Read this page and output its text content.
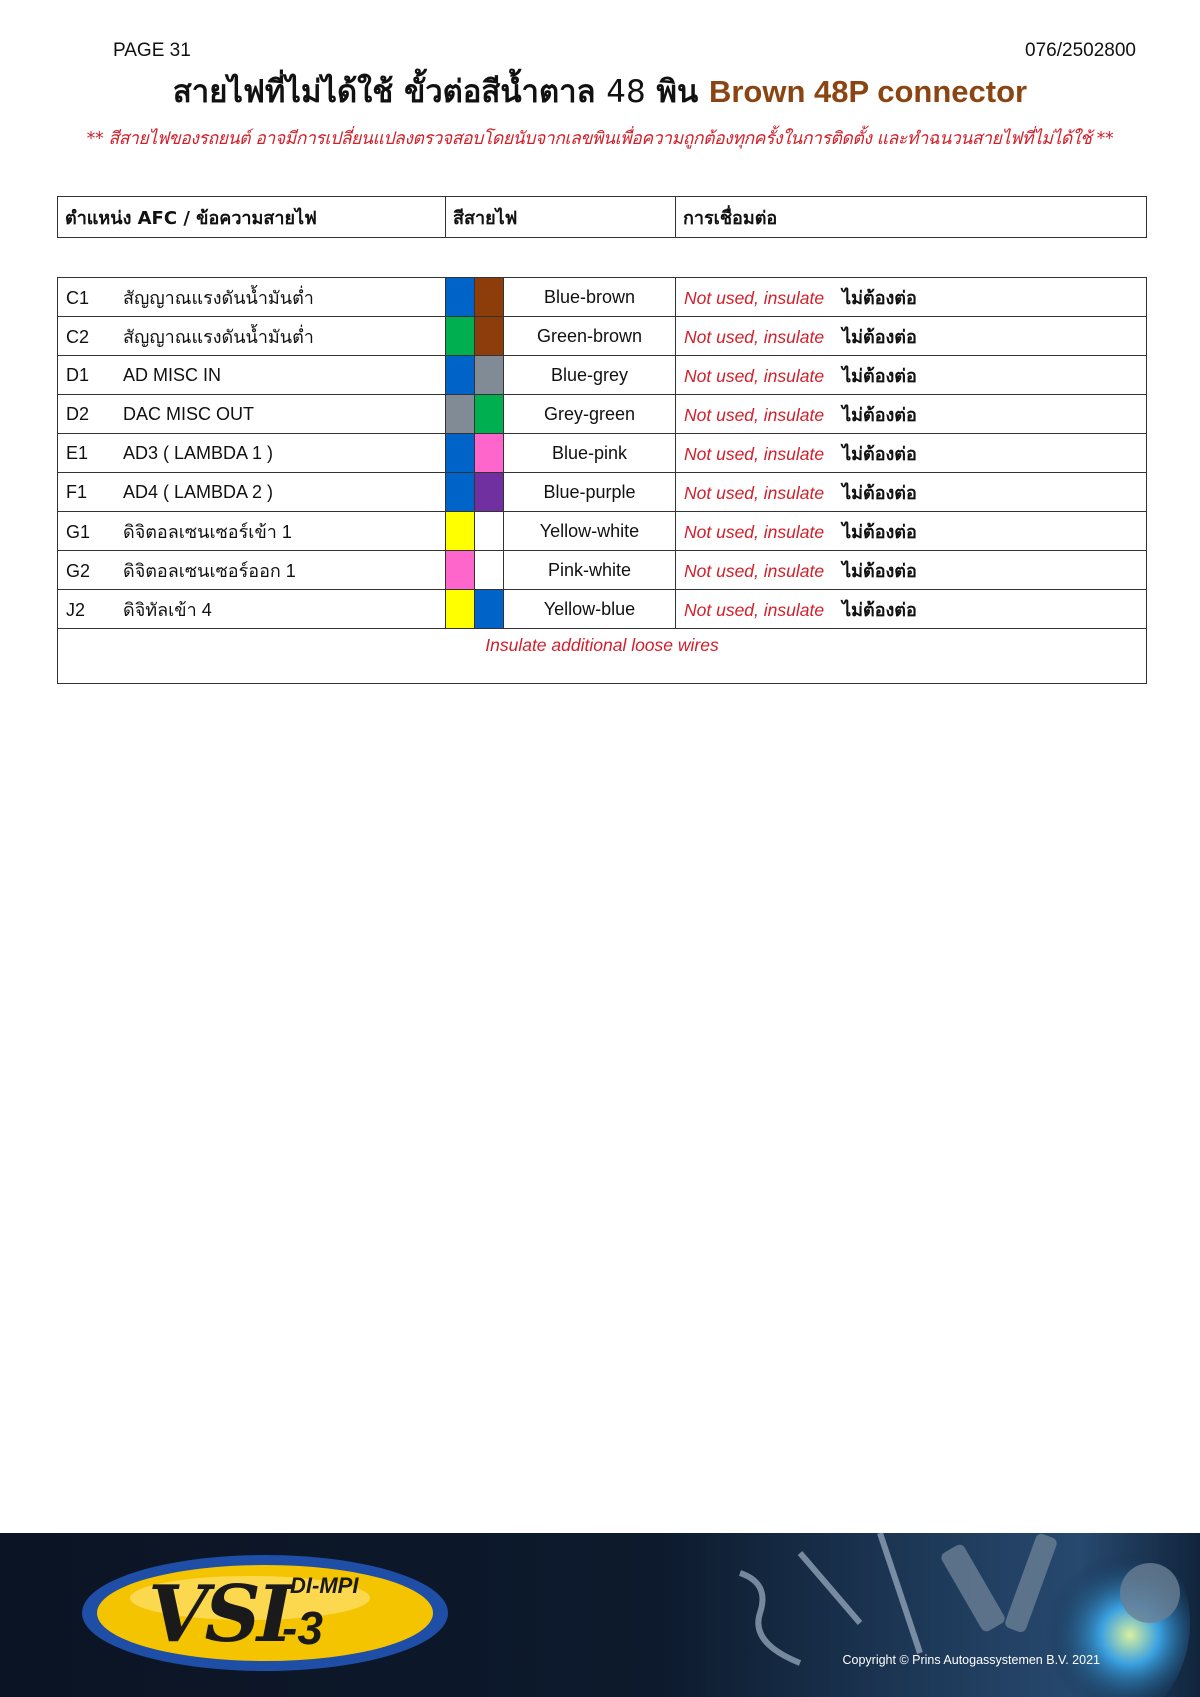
PAGE 31	076/2502800
สายไฟที่ไม่ได้ใช้ ขั้วต่อสีน้ำตาล 48 พิน Brown 48P connector
** สีสายไฟของรถยนต์ อาจมีการเปลี่ยนแปลงตรวจสอบโดยนับจากเลขพินเพื่อความถูกต้องทุกครั้งในการติดตั้ง และทำฉนวนสายไฟที่ไม่ได้ใช้ **
ตำแหน่ง AFC / ข้อความสายไฟ	สีสายไฟ	การเชื่อมต่อ
C1 สัญญาณแรงดันน้ำมันต่ำ			Blue-brown	Not used, insulate ไม่ต้องต่อ
C2 สัญญาณแรงดันน้ำมันต่ำ			Green-brown	Not used, insulate ไม่ต้องต่อ
D1 AD MISC IN			Blue-grey	Not used, insulate ไม่ต้องต่อ
D2 DAC MISC OUT			Grey-green	Not used, insulate ไม่ต้องต่อ
E1 AD3 ( LAMBDA 1 )			Blue-pink	Not used, insulate ไม่ต้องต่อ
F1 AD4 ( LAMBDA 2 )			Blue-purple	Not used, insulate ไม่ต้องต่อ
G1 ดิจิตอลเซนเซอร์เข้า 1			Yellow-white	Not used, insulate ไม่ต้องต่อ
G2 ดิจิตอลเซนเซอร์ออก 1			Pink-white	Not used, insulate ไม่ต้องต่อ
J2 ดิจิทัลเข้า 4			Yellow-blue	Not used, insulate ไม่ต้องต่อ
Insulate additional loose wires				
VSI DI-MPI
-3
Copyright © Prins Autogassystemen B.V. 2021
